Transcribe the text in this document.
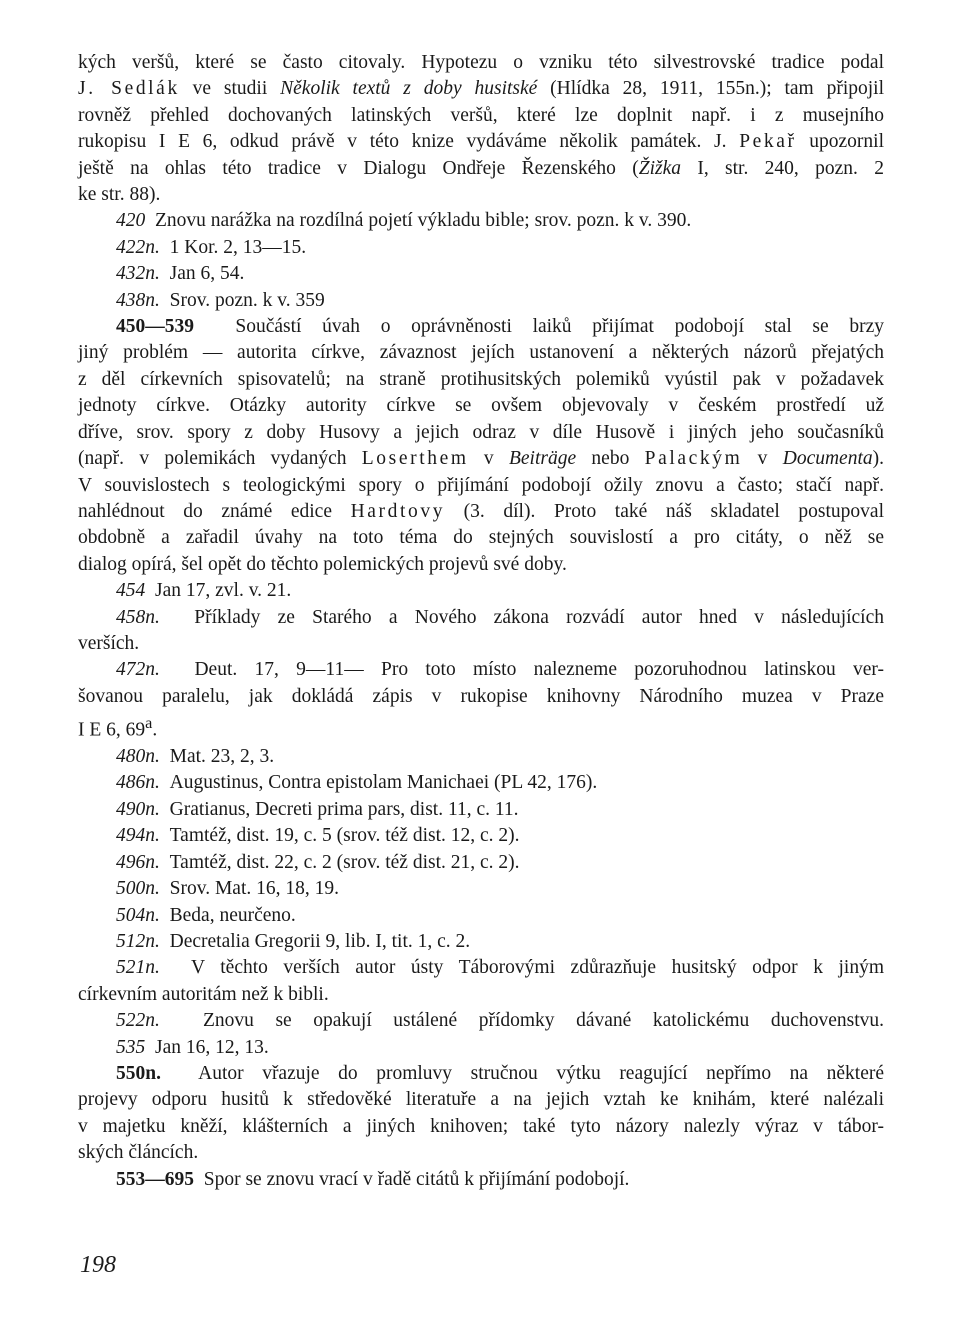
kých veršů, které se často citovaly. Hypotezu o vzniku této silvestrovské tradice podal
J. Sedlák ve studii Několik textů z doby husitské (Hlídka 28, 1911, 155n.); tam připojil
rovněž přehled dochovaných latinských veršů, které lze doplnit např. i z musejního
rukopisu I E 6, odkud právě v této knize vydáváme několik památek. J. Pekař upozornil
ještě na ohlas této tradice v Dialogu Ondřeje Řezenského (Žižka I, str. 240, pozn. 2
ke str. 88).
420 Znovu narážka na rozdílná pojetí výkladu bible; srov. pozn. k v. 390.
422n. 1 Kor. 2, 13—15.
432n. Jan 6, 54.
438n. Srov. pozn. k v. 359
450—539 Součástí úvah o oprávněnosti laiků přijímat podobojí stal se brzy
jiný problém — autorita církve, závaznost jejích ustanovení a některých názorů přejatých
z děl církevních spisovatelů; na straně protihusitských polemiků vyústil pak v požadavek
jednoty církve. Otázky autority církve se ovšem objevovaly v českém prostředí už
dříve, srov. spory z doby Husovy a jejich odraz v díle Husově i jiných jeho současníků
(např. v polemikách vydaných Loserthem v Beiträge nebo Palackým v Documenta).
V souvislostech s teologickými spory o přijímání podobojí ožily znovu a často; stačí např.
nahlédnout do známé edice Hardtovy (3. díl). Proto také náš skladatel postupoval
obdobně a zařadil úvahy na toto téma do stejných souvislostí a pro citáty, o něž se
dialog opírá, šel opět do těchto polemických projevů své doby.
454 Jan 17, zvl. v. 21.
458n. Příklady ze Starého a Nového zákona rozvádí autor hned v následujících
verších.
472n. Deut. 17, 9—11— Pro toto místo nalezneme pozoruhodnou latinskou ver-
šovanou paralelu, jak dokládá zápis v rukopise knihovny Národního muzea v Praze
I E 6, 69$^a$.
480n. Mat. 23, 2, 3.
486n. Augustinus, Contra epistolam Manichaei (PL 42, 176).
490n. Gratianus, Decreti prima pars, dist. 11, c. 11.
494n. Tamtéž, dist. 19, c. 5 (srov. též dist. 12, c. 2).
496n. Tamtéž, dist. 22, c. 2 (srov. též dist. 21, c. 2).
500n. Srov. Mat. 16, 18, 19.
504n. Beda, neurčeno.
512n. Decretalia Gregorii 9, lib. I, tit. 1, c. 2.
521n. V těchto verších autor ústy Táborovými zdůrazňuje husitský odpor k jiným
církevním autoritám než k bibli.
522n. Znovu se opakují ustálené přídomky dávané katolickému duchovenstvu.
535 Jan 16, 12, 13.
550n. Autor vřazuje do promluvy stručnou výtku reagující nepřímo na některé
projevy odporu husitů k středověké literatuře a na jejich vztah ke knihám, které nalézali
v majetku kněží, klášterních a jiných knihoven; také tyto názory nalezly výraz v tábor-
ských článcích.
553—695 Spor se znovu vrací v řadě citátů k přijímání podobojí.
198
